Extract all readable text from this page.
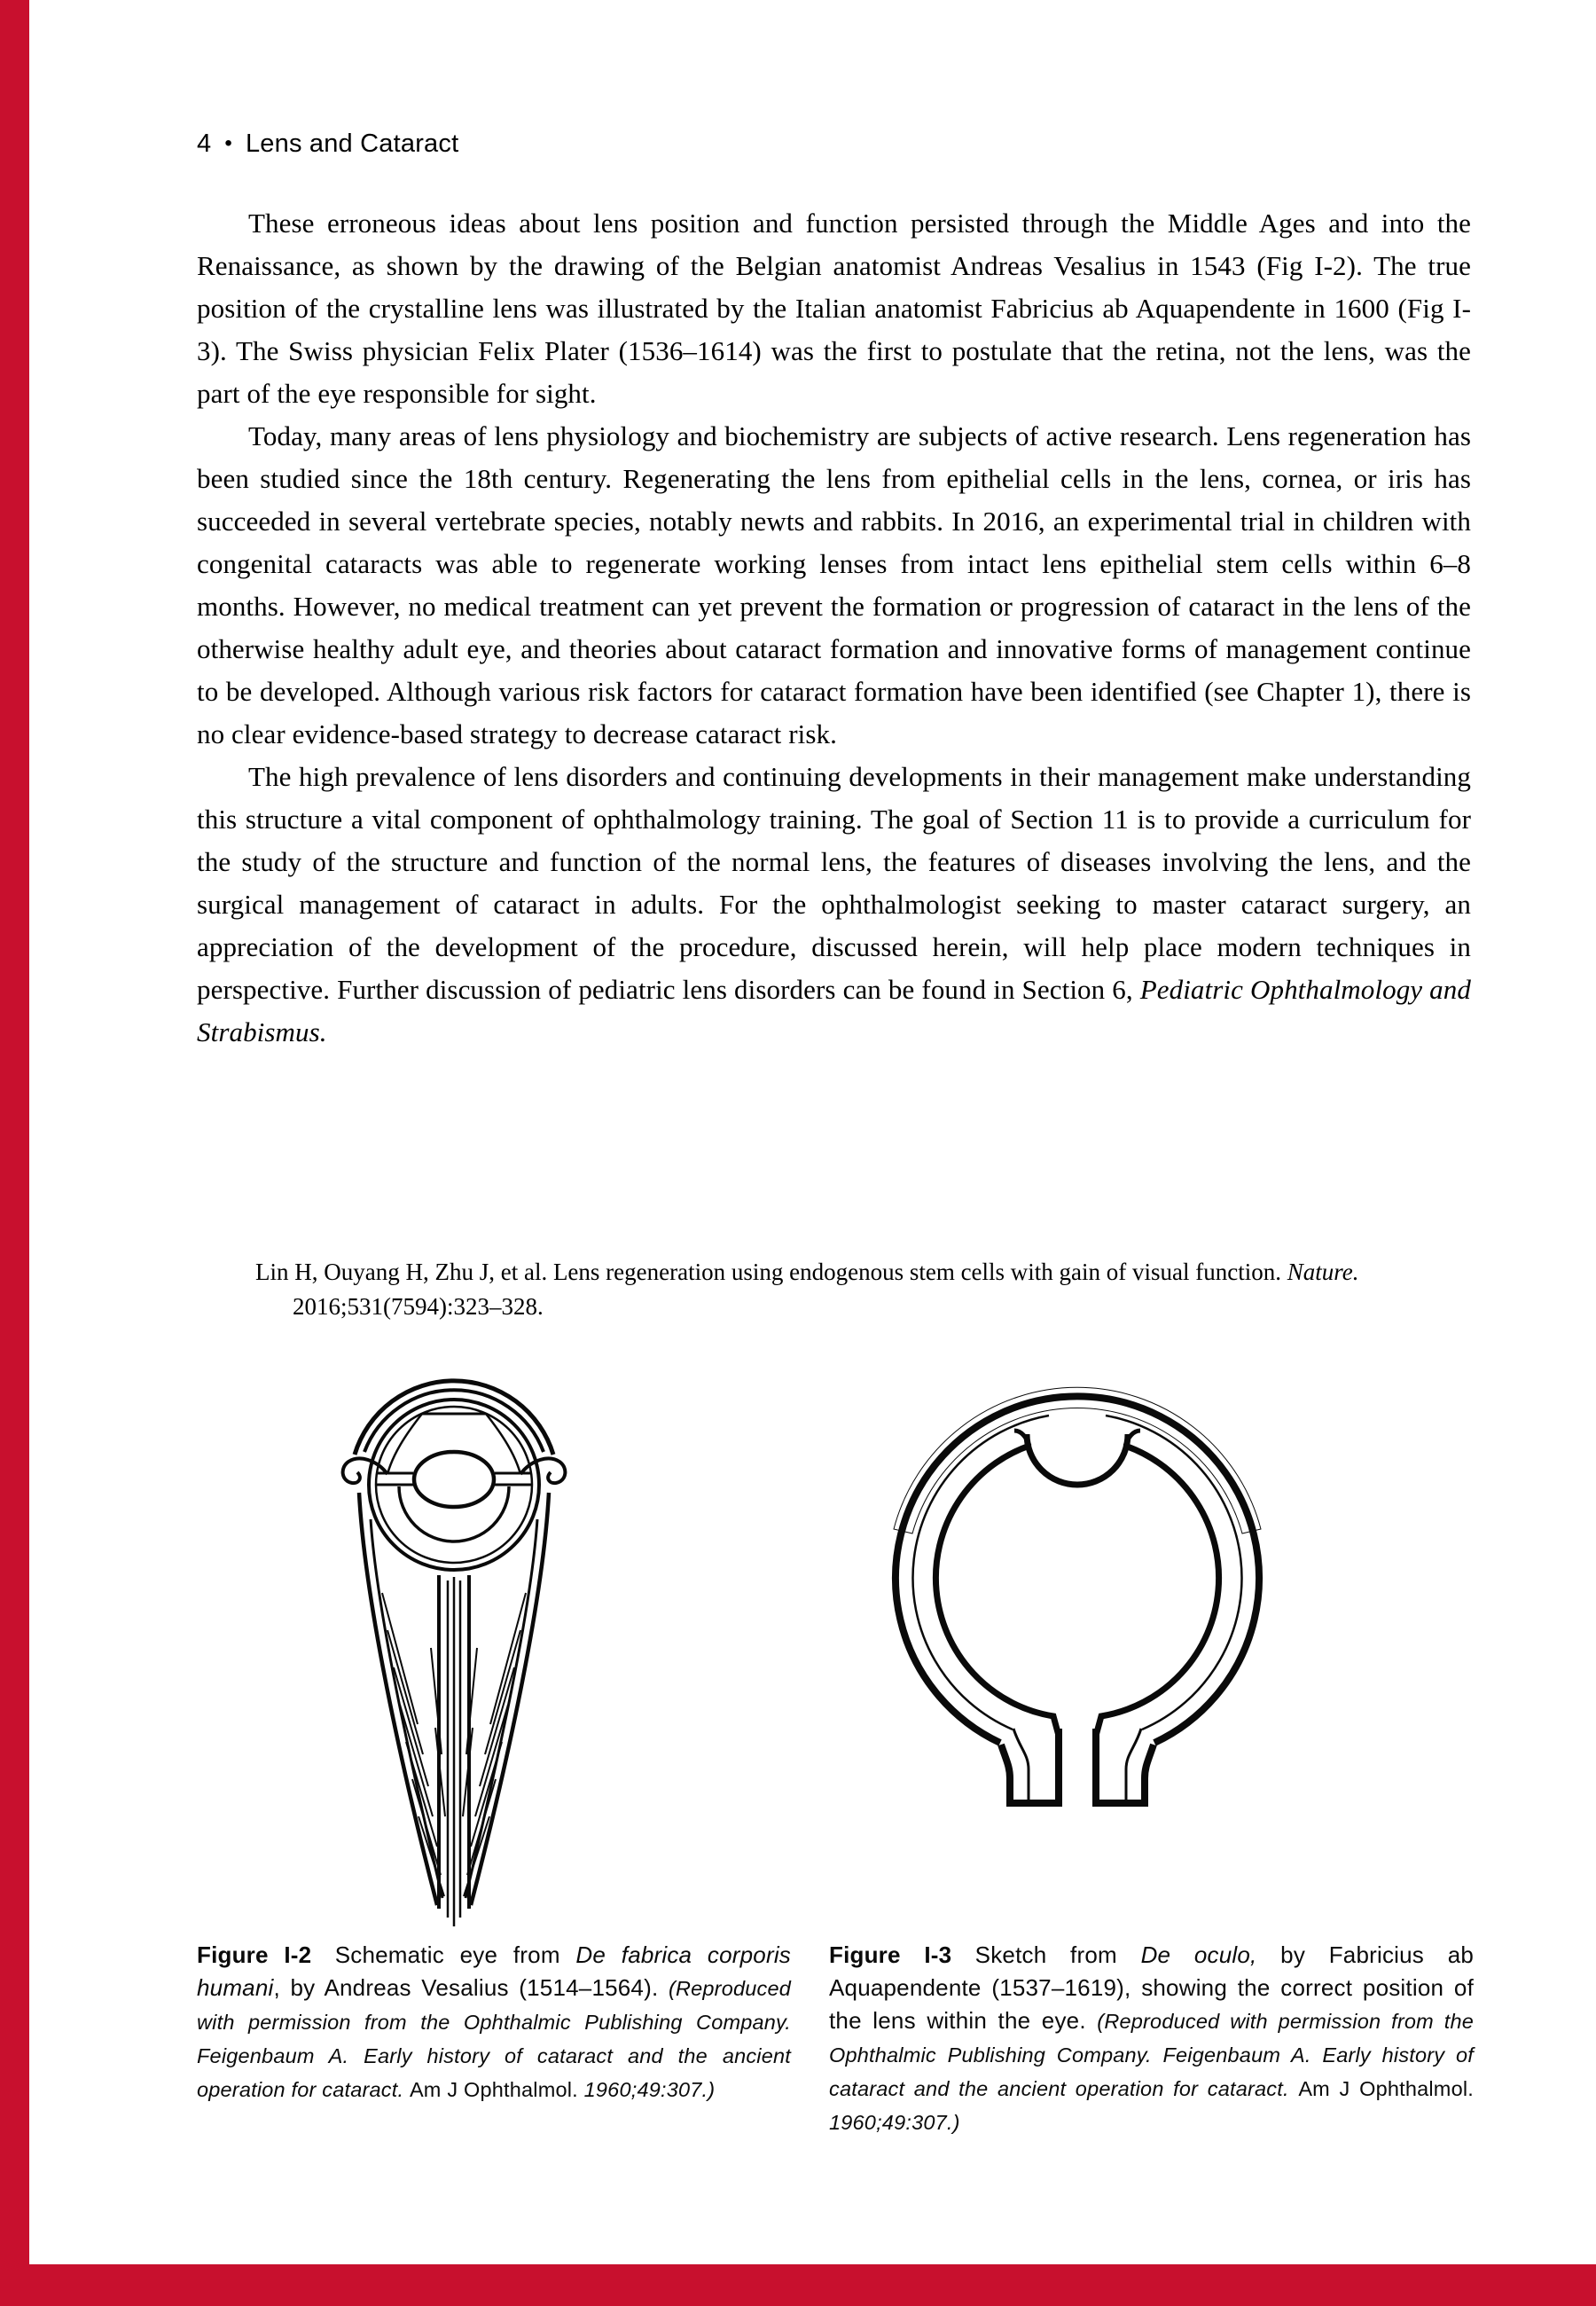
4 • Lens and Cataract

These erroneous ideas about lens position and function persisted through the Middle Ages and into the Renaissance, as shown by the drawing of the Belgian anatomist Andreas Vesalius in 1543 (Fig I-2). The true position of the crystalline lens was illustrated by the Italian anatomist Fabricius ab Aquapendente in 1600 (Fig I-3). The Swiss physician Felix Plater (1536–1614) was the first to postulate that the retina, not the lens, was the part of the eye responsible for sight.

Today, many areas of lens physiology and biochemistry are subjects of active research. Lens regeneration has been studied since the 18th century. Regenerating the lens from epithelial cells in the lens, cornea, or iris has succeeded in several vertebrate species, notably newts and rabbits. In 2016, an experimental trial in children with congenital cataracts was able to regenerate working lenses from intact lens epithelial stem cells within 6–8 months. However, no medical treatment can yet prevent the formation or progression of cataract in the lens of the otherwise healthy adult eye, and theories about cataract formation and innovative forms of management continue to be developed. Although various risk factors for cataract formation have been identified (see Chapter 1), there is no clear evidence-based strategy to decrease cataract risk.

The high prevalence of lens disorders and continuing developments in their management make understanding this structure a vital component of ophthalmology training. The goal of Section 11 is to provide a curriculum for the study of the structure and function of the normal lens, the features of diseases involving the lens, and the surgical management of cataract in adults. For the ophthalmologist seeking to master cataract surgery, an appreciation of the development of the procedure, discussed herein, will help place modern techniques in perspective. Further discussion of pediatric lens disorders can be found in Section 6, Pediatric Ophthalmology and Strabismus.

Lin H, Ouyang H, Zhu J, et al. Lens regeneration using endogenous stem cells with gain of visual function. Nature. 2016;531(7594):323–328.
Figure I-2  Schematic eye from De fabrica corporis humani, by Andreas Vesalius (1514–1564). (Reproduced with permission from the Ophthalmic Publishing Company. Feigenbaum A. Early history of cataract and the ancient operation for cataract. Am J Ophthalmol. 1960;49:307.)
Figure I-3  Sketch from De oculo, by Fabricius ab Aquapendente (1537–1619), showing the correct position of the lens within the eye. (Reproduced with permission from the Ophthalmic Publishing Company. Feigenbaum A. Early history of cataract and the ancient operation for cataract. Am J Ophthalmol. 1960;49:307.)
